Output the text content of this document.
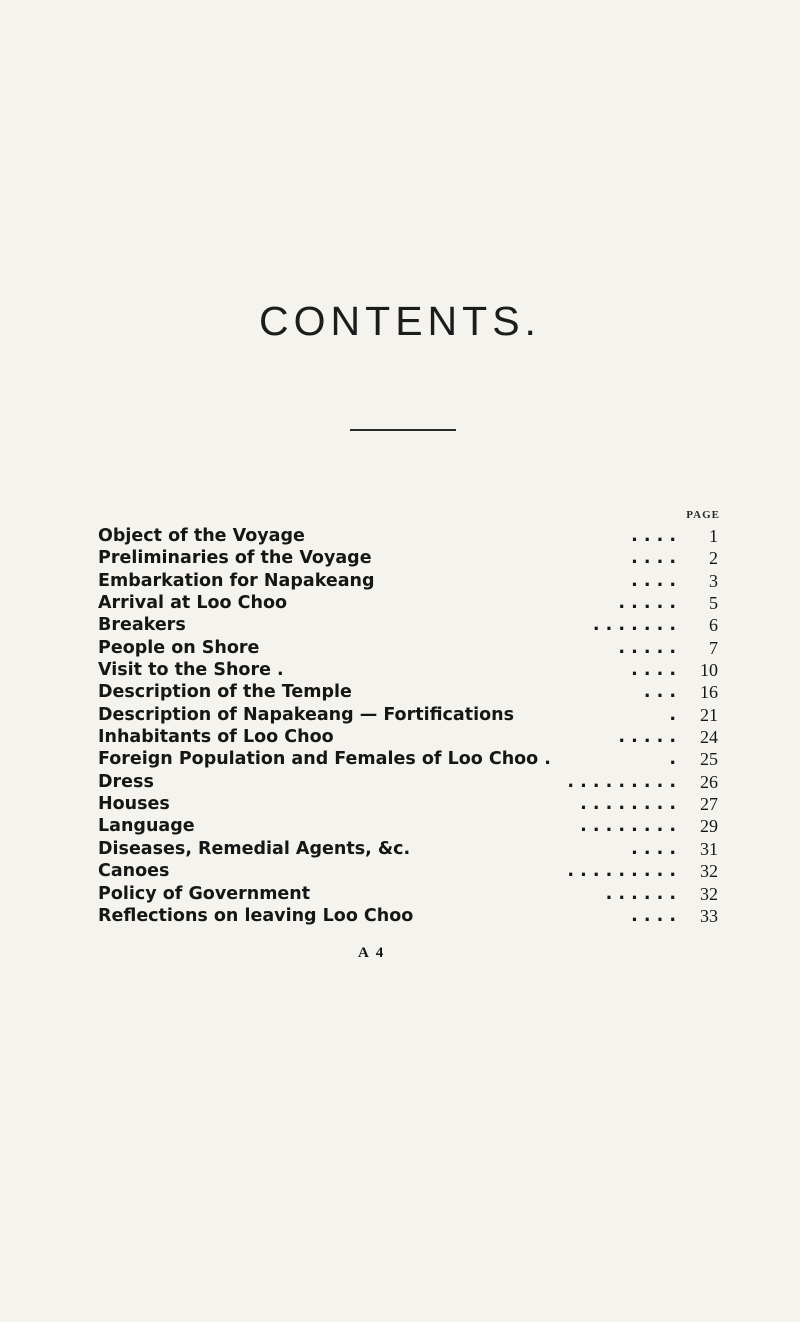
CONTENTS.
PAGE
Object of the Voyage	. . . .	1
Preliminaries of the Voyage	. . . .	2
Embarkation for Napakeang	. . . .	3
Arrival at Loo Choo	. . . . .	5
Breakers	. . . . . . .	6
People on Shore	. . . . .	7
Visit to the Shore .	. . . .	10
Description of the Temple	. . .	16
Description of Napakeang — Fortifications	.	21
Inhabitants of Loo Choo	. . . . .	24
Foreign Population and Females of Loo Choo .	.	25
Dress	. . . . . . . . .	26
Houses	. . . . . . . .	27
Language	. . . . . . . .	29
Diseases, Remedial Agents, &c.	. . . .	31
Canoes	. . . . . . . . .	32
Policy of Government	. . . . . .	32
Reflections on leaving Loo Choo	. . . .	33
A 4
